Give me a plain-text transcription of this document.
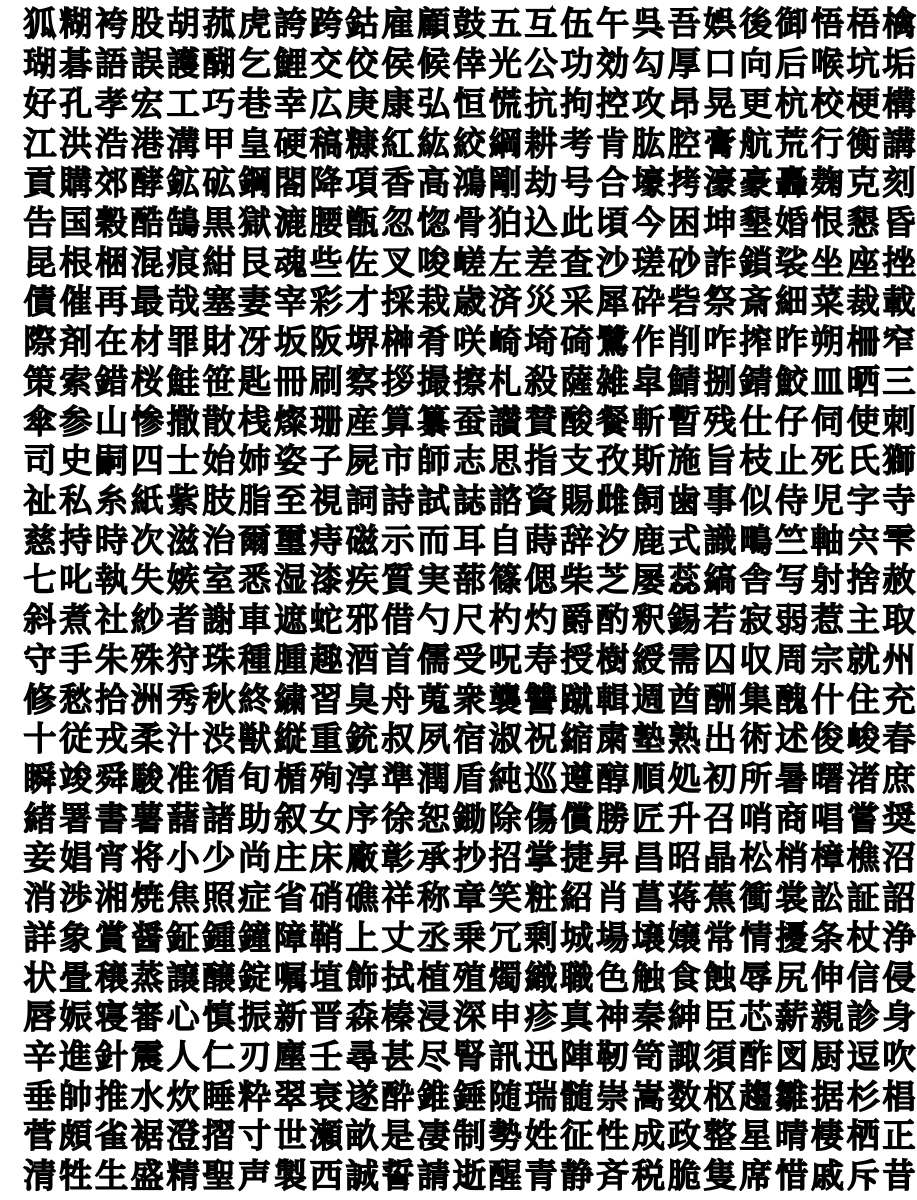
狐 糊 袴 股 胡 菰 虎 誇 跨 鈷 雇 顧 鼓 五 互 伍 午 呉 吾 娯 後 御 悟 梧 檎
瑚 碁 語 誤 護 醐 乞 鯉 交 佼 侯 候 倖 光 公 功 効 勾 厚 口 向 后 喉 坑 垢
好 孔 孝 宏 工 巧 巷 幸 広 庚 康 弘 恒 慌 抗 拘 控 攻 昂 晃 更 杭 校 梗 構
江 洪 浩 港 溝 甲 皇 硬 稿 糠 紅 紘 絞 綱 耕 考 肯 肱 腔 膏 航 荒 行 衡 講
貢 購 郊 酵 鉱 砿 鋼 閤 降 項 香 高 鴻 剛 劫 号 合 壕 拷 濠 豪 轟 麹 克 刻
告 国 穀 酷 鵠 黒 獄 漉 腰 甑 忽 惚 骨 狛 込 此 頃 今 困 坤 墾 婚 恨 懇 昏
昆 根 梱 混 痕 紺 艮 魂 些 佐 叉 唆 嵯 左 差 査 沙 瑳 砂 詐 鎖 裟 坐 座 挫
債 催 再 最 哉 塞 妻 宰 彩 才 採 栽 歳 済 災 采 犀 砕 砦 祭 斎 細 菜 裁 載
際 剤 在 材 罪 財 冴 坂 阪 堺 榊 肴 咲 崎 埼 碕 鷺 作 削 咋 搾 昨 朔 柵 窄
策 索 錯 桜 鮭 笹 匙 冊 刷 察 拶 撮 擦 札 殺 薩 雑 皐 鯖 捌 錆 鮫 皿 晒 三
傘 参 山 惨 撒 散 桟 燦 珊 産 算 纂 蚕 讃 賛 酸 餐 斬 暫 残 仕 仔 伺 使 刺
司 史 嗣 四 士 始 姉 姿 子 屍 市 師 志 思 指 支 孜 斯 施 旨 枝 止 死 氏 獅
祉 私 糸 紙 紫 肢 脂 至 視 詞 詩 試 誌 諮 資 賜 雌 飼 歯 事 似 侍 児 字 寺
慈 持 時 次 滋 治 爾 璽 痔 磁 示 而 耳 自 蒔 辞 汐 鹿 式 識 鴫 竺 軸 宍 雫
七 叱 執 失 嫉 室 悉 湿 漆 疾 質 実 蔀 篠 偲 柴 芝 屡 蕊 縞 舎 写 射 捨 赦
斜 煮 社 紗 者 謝 車 遮 蛇 邪 借 勺 尺 杓 灼 爵 酌 釈 錫 若 寂 弱 惹 主 取
守 手 朱 殊 狩 珠 種 腫 趣 酒 首 儒 受 呪 寿 授 樹 綬 需 囚 収 周 宗 就 州
修 愁 拾 洲 秀 秋 終 繍 習 臭 舟 蒐 衆 襲 讐 蹴 輯 週 酋 酬 集 醜 什 住 充
十 従 戎 柔 汁 渋 獣 縦 重 銃 叔 夙 宿 淑 祝 縮 粛 塾 熟 出 術 述 俊 峻 春
瞬 竣 舜 駿 准 循 旬 楯 殉 淳 準 潤 盾 純 巡 遵 醇 順 処 初 所 暑 曙 渚 庶
緒 署 書 薯 藷 諸 助 叙 女 序 徐 恕 鋤 除 傷 償 勝 匠 升 召 哨 商 唱 嘗 奨
妾 娼 宵 将 小 少 尚 庄 床 廠 彰 承 抄 招 掌 捷 昇 昌 昭 晶 松 梢 樟 樵 沼
消 渉 湘 焼 焦 照 症 省 硝 礁 祥 称 章 笑 粧 紹 肖 菖 蒋 蕉 衝 裳 訟 証 詔
詳 象 賞 醤 鉦 鍾 鐘 障 鞘 上 丈 丞 乗 冗 剰 城 場 壌 嬢 常 情 擾 条 杖 浄
状 畳 穣 蒸 譲 醸 錠 嘱 埴 飾 拭 植 殖 燭 織 職 色 触 食 蝕 辱 尻 伸 信 侵
唇 娠 寝 審 心 慎 振 新 晋 森 榛 浸 深 申 疹 真 神 秦 紳 臣 芯 薪 親 診 身
辛 進 針 震 人 仁 刃 塵 壬 尋 甚 尽 腎 訊 迅 陣 靭 笥 諏 須 酢 図 厨 逗 吹
垂 帥 推 水 炊 睡 粋 翠 衰 遂 酔 錐 錘 随 瑞 髄 崇 嵩 数 枢 趨 雛 据 杉 椙
菅 頗 雀 裾 澄 摺 寸 世 瀬 畝 是 凄 制 勢 姓 征 性 成 政 整 星 晴 棲 栖 正
清 牲 生 盛 精 聖 声 製 西 誠 誓 請 逝 醒 青 静 斉 税 脆 隻 席 惜 戚 斥 昔
